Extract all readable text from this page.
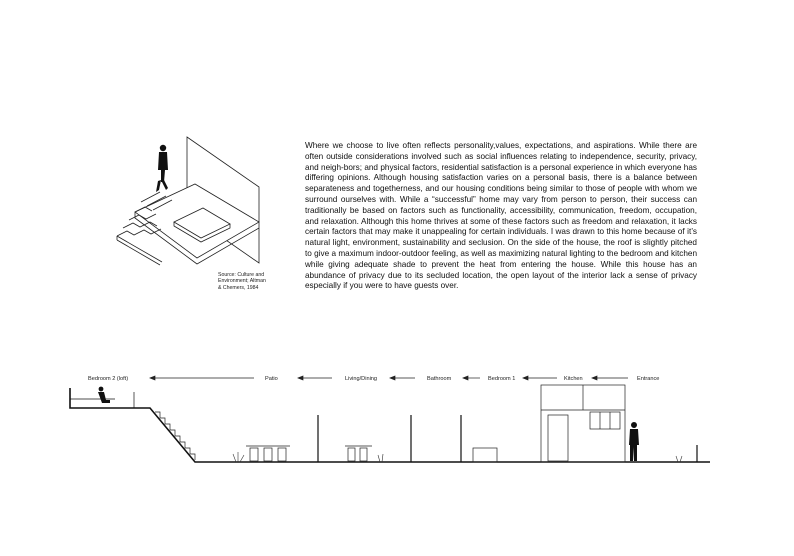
Where we choose to live often reflects personality,values, expectations, and aspirations. While there are often outside considerations involved such as social influences relating to independence, security, privacy, and neigh-bors; and physical factors, residential satisfaction is a personal experience in which everyone has differing opinions. Although housing satisfaction varies on a personal basis, there is a balance between separateness and togetherness, and our housing conditions being similar to those of people with whom we surround ourselves with. While a “successful” home may vary from person to person, their success can traditionally be based on factors such as functionality, accessibility, communication, freedom, occupation, and relaxation. Although this home thrives at some of these factors such as freedom and relaxation, it lacks certain factors that may make it unappealing for certain individuals. I was drawn to this home because of it’s natural light, environment, sustainability and seclusion. On the side of the house, the roof is slightly pitched to give a maximum indoor-outdoor feeling, as well as maximizing natural lighting to the bedroom and kitchen while giving adequate shade to prevent the heat from entering the house. While this house has an abundance of privacy due to its secluded location, the open layout of the interior lack a sense of privacy especially if you were to have guests over.

Source: Culture and Environment; Altman & Chemers, 1984

Bedroom 2 (loft)	Patio	Living/Dining	Bathroom	Bedroom 1	Kitchen	Entrance
